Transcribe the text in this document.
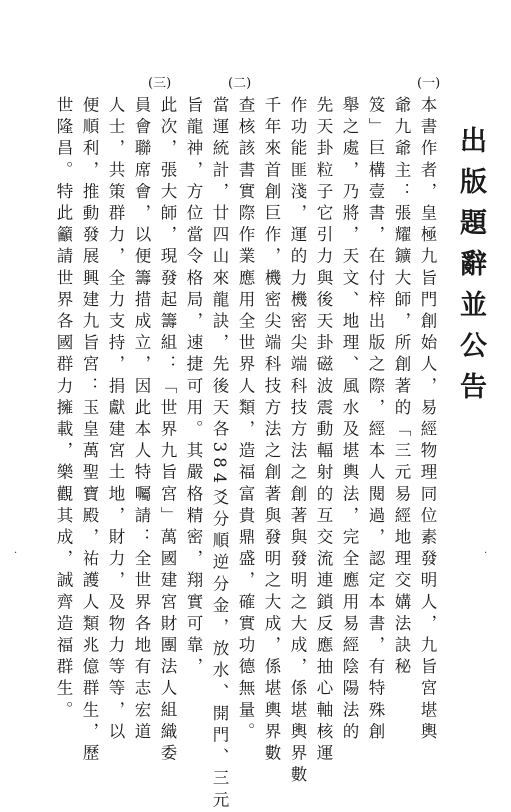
出版題辭並公告
(一)
(二)
(三)
本書作者，皇極九旨門創始人，易經物理同位素發明人，九旨宮堪輿
爺九爺主：張耀鑛大師，所創著的「三元易經地理交媾法訣秘
笈」巨構壹書，在付梓出版之際，經本人閱過，認定本書，有特殊創
舉之處，乃將，天文、地理、風水及堪輿法，完全應用易經陰陽法的
先天卦粒子它引力與後天卦磁波震動輻射的互交流連鎖反應抽心軸核運
作功能匪淺，運的力機密尖端科技方法之創著與發明之大成，係堪輿界數
千年來首創巨作，機密尖端科技方法之創著與發明之大成，係堪輿界數
查核該書實際作業應用全世界人類，造福富貴鼎盛，確實功德無量。
當運統計，廿四山來龍訣，先後天各384爻分順逆分金，放水、開門、三元
旨龍神，方位當令格局，速捷可用。其嚴格精密，翔實可靠，
此次，張大師，現發起籌組：「世界九旨宮」萬國建宮財團法人組織委
員會聯席會，以便籌措成立，因此本人特囑請：全世界各地有志宏道
人士，共策群力，全力支持，捐獻建宮土地，財力，及物力等等，以
便順利，推動發展興建九旨宮：玉皇萬聖寶殿，祐護人類兆億群生，歷
世隆昌。特此籲請世界各國群力擁載，樂觀其成，誠齊造福群生。
·	·
